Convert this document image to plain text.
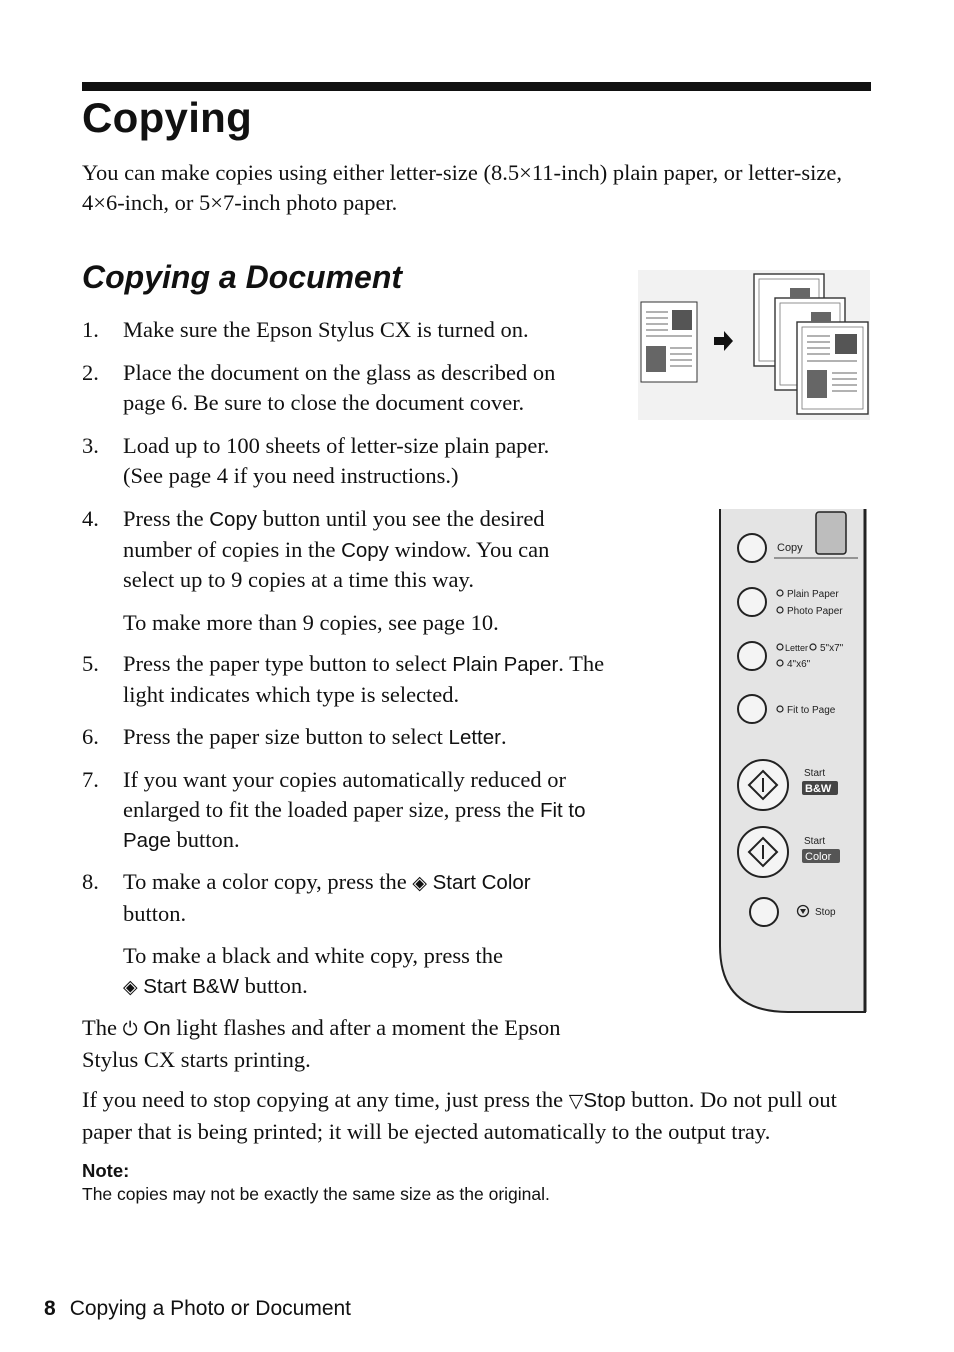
Copying

You can make copies using either letter-size (8.5×11-inch) plain paper, or letter-size, 4×6-inch, or 5×7-inch photo paper.

Copying a Document
1.	Make sure the Epson Stylus CX is turned on.
2.	Place the document on the glass as described on page 6. Be sure to close the document cover.
3.	Load up to 100 sheets of letter-size plain paper. (See page 4 if you need instructions.)
4.	Press the Copy button until you see the desired number of copies in the Copy window. You can select up to 9 copies at a time this way.
To make more than 9 copies, see page 10.
5.	Press the paper type button to select Plain Paper. The light indicates which type is selected.
6.	Press the paper size button to select Letter.
7.	If you want your copies automatically reduced or enlarged to fit the loaded paper size, press the Fit to Page button.
8.	To make a color copy, press the ◈ Start Color
button.
To make a black and white copy, press the
◈ Start B&W button.
The ⏻ On light flashes and after a moment the Epson Stylus CX starts printing.
If you need to stop copying at any time, just press the ▽Stop button. Do not pull out paper that is being printed; it will be ejected automatically to the output tray.
Note:
The copies may not be exactly the same size as the original.
8 Copying a Photo or Document
Copy
Plain Paper
Photo Paper
Letter 5"x7"
4"x6"
Fit to Page
Start
B&W
Start
Color
Stop
